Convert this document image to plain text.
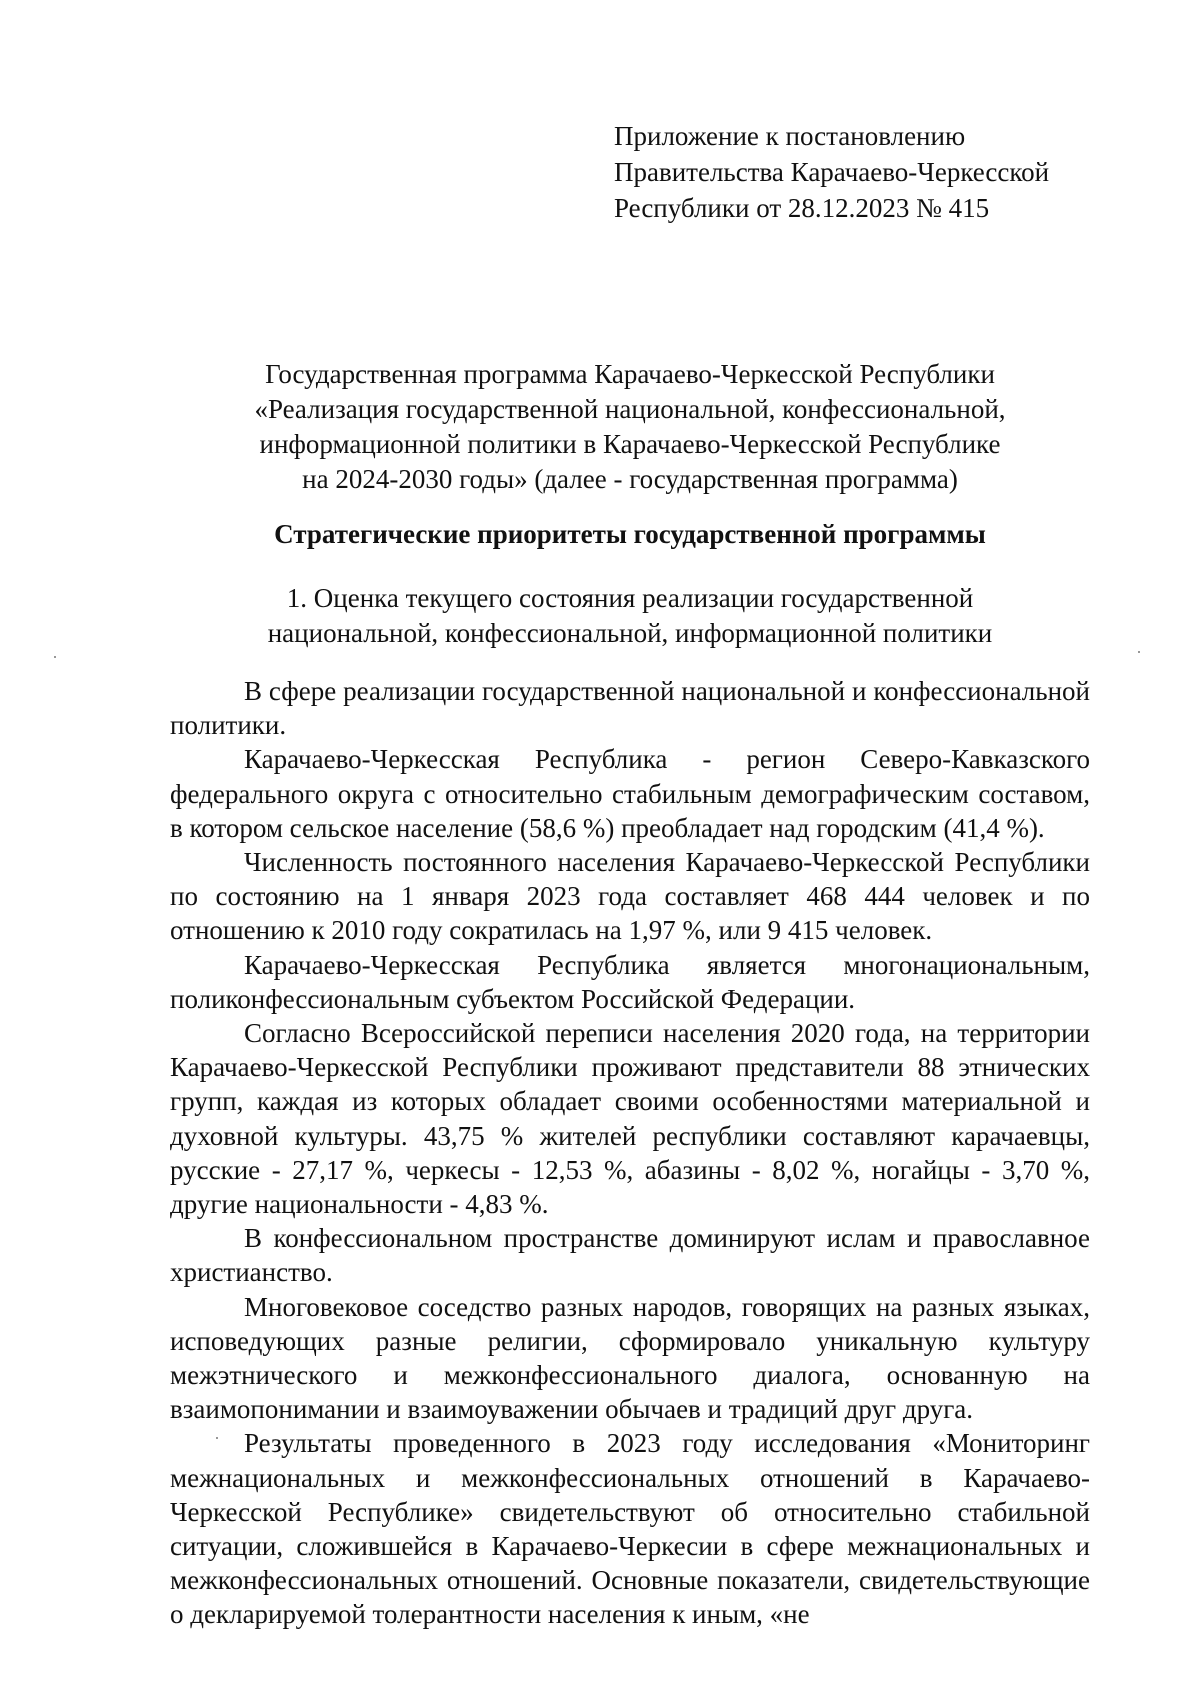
Приложение к постановлению
Правительства Карачаево-Черкесской
Республики от 28.12.2023 № 415
Государственная программа Карачаево-Черкесской Республики
«Реализация государственной национальной, конфессиональной,
информационной политики в Карачаево-Черкесской Республике
на 2024-2030 годы» (далее - государственная программа)
Стратегические приоритеты государственной программы
1. Оценка текущего состояния реализации государственной
национальной, конфессиональной, информационной политики

В сфере реализации государственной национальной и конфессиональной политики.

Карачаево-Черкесская Республика - регион Северо-Кавказского федерального округа с относительно стабильным демографическим составом, в котором сельское население (58,6 %) преобладает над городским (41,4 %).

Численность постоянного населения Карачаево-Черкесской Республики по состоянию на 1 января 2023 года составляет 468 444 человек и по отношению к 2010 году сократилась на 1,97 %, или 9 415 человек.

Карачаево-Черкесская Республика является многонациональным, поликонфессиональным субъектом Российской Федерации.

Согласно Всероссийской переписи населения 2020 года, на территории Карачаево-Черкесской Республики проживают представители 88 этнических групп, каждая из которых обладает своими особенностями материальной и духовной культуры. 43,75 % жителей республики составляют карачаевцы, русские - 27,17 %, черкесы - 12,53 %, абазины - 8,02 %, ногайцы - 3,70 %, другие национальности - 4,83 %.

В конфессиональном пространстве доминируют ислам и православное христианство.

Многовековое соседство разных народов, говорящих на разных языках, исповедующих разные религии, сформировало уникальную культуру межэтнического и межконфессионального диалога, основанную на взаимопонимании и взаимоуважении обычаев и традиций друг друга.

Результаты проведенного в 2023 году исследования «Мониторинг межнациональных и межконфессиональных отношений в Карачаево-Черкесской Республике» свидетельствуют об относительно стабильной ситуации, сложившейся в Карачаево-Черкесии в сфере межнациональных и межконфессиональных отношений. Основные показатели, свидетельствующие о декларируемой толерантности населения к иным, «не
